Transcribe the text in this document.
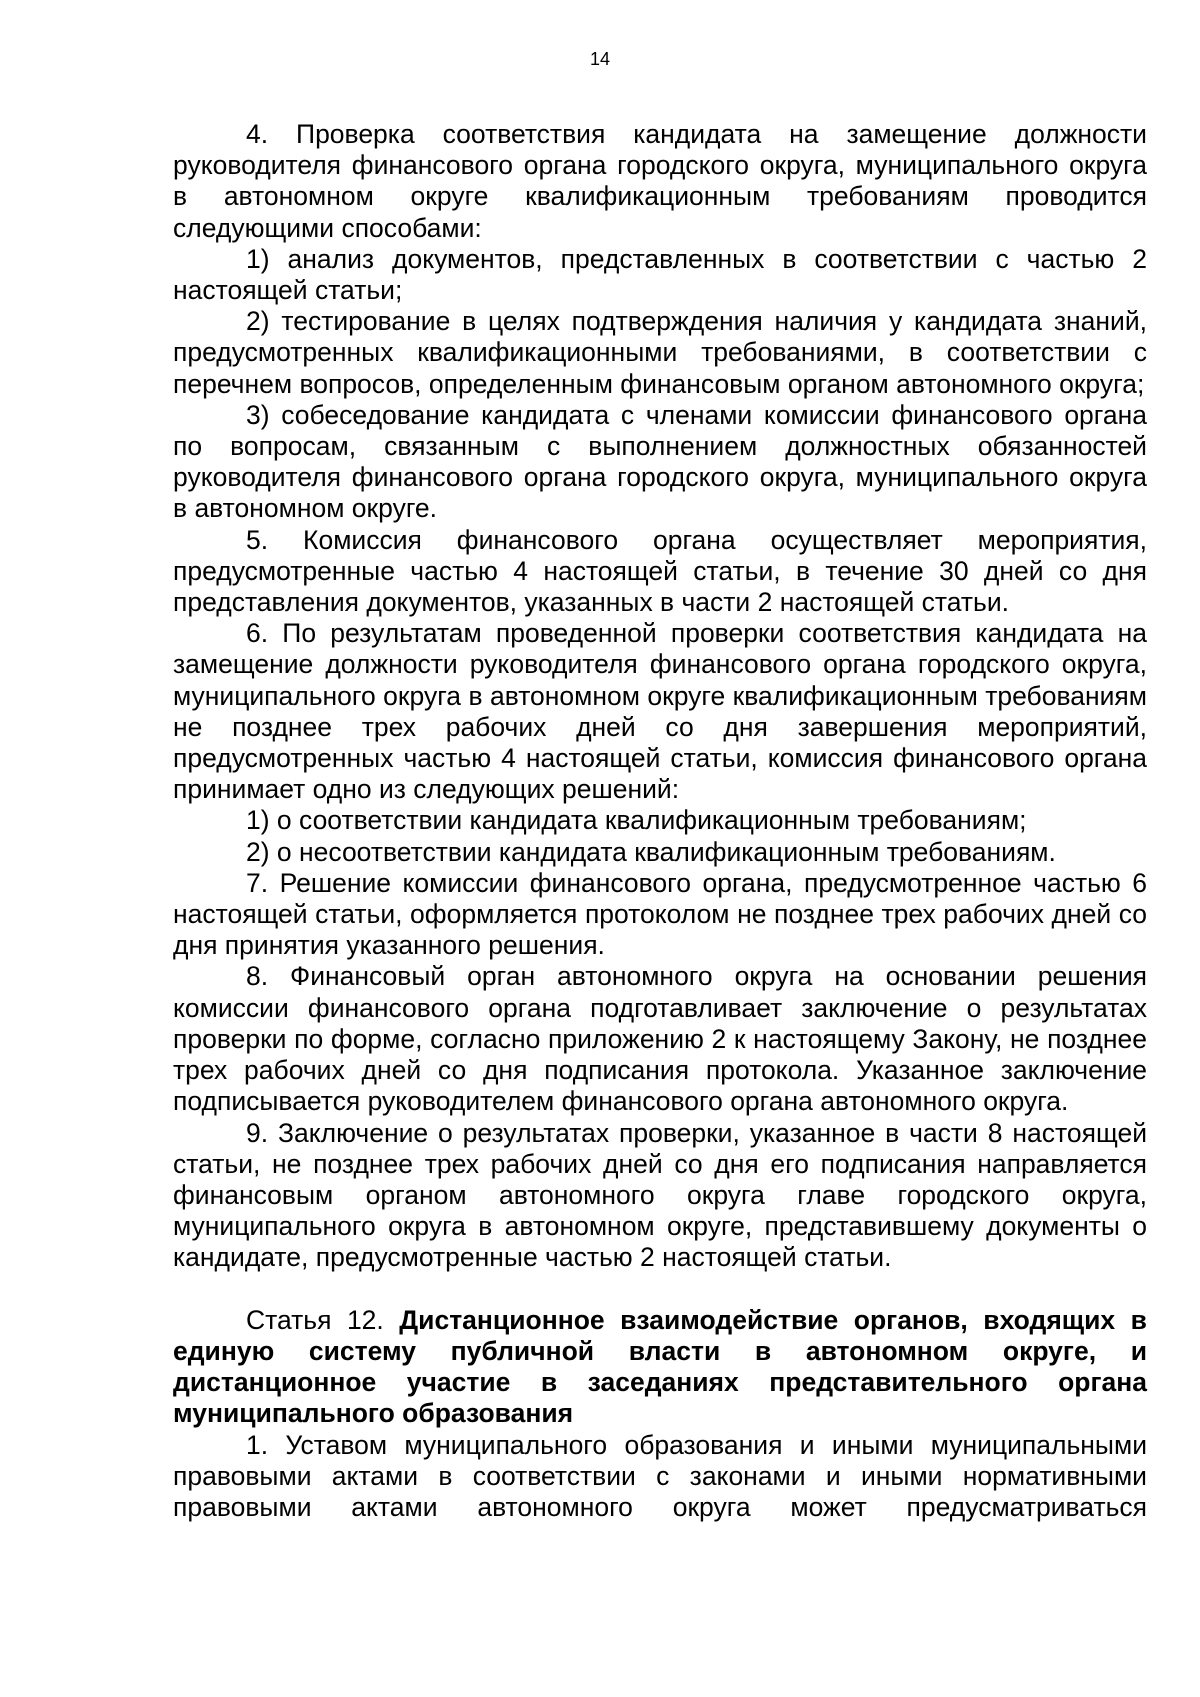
14

4. Проверка соответствия кандидата на замещение должности руководителя финансового органа городского округа, муниципального округа в автономном округе квалификационным требованиям проводится следующими способами:

1) анализ документов, представленных в соответствии с частью 2 настоящей статьи;

2) тестирование в целях подтверждения наличия у кандидата знаний, предусмотренных квалификационными требованиями, в соответствии с перечнем вопросов, определенным финансовым органом автономного округа;

3) собеседование кандидата с членами комиссии финансового органа по вопросам, связанным с выполнением должностных обязанностей руководителя финансового органа городского округа, муниципального округа в автономном округе.

5. Комиссия финансового органа осуществляет мероприятия, предусмотренные частью 4 настоящей статьи, в течение 30 дней со дня представления документов, указанных в части 2 настоящей статьи.

6. По результатам проведенной проверки соответствия кандидата на замещение должности руководителя финансового органа городского округа, муниципального округа в автономном округе квалификационным требованиям не позднее трех рабочих дней со дня завершения мероприятий, предусмотренных частью 4 настоящей статьи, комиссия финансового органа принимает одно из следующих решений:

1) о соответствии кандидата квалификационным требованиям;

2) о несоответствии кандидата квалификационным требованиям.

7. Решение комиссии финансового органа, предусмотренное частью 6 настоящей статьи, оформляется протоколом не позднее трех рабочих дней со дня принятия указанного решения.

8. Финансовый орган автономного округа на основании решения комиссии финансового органа подготавливает заключение о результатах проверки по форме, согласно приложению 2 к настоящему Закону, не позднее трех рабочих дней со дня подписания протокола. Указанное заключение подписывается руководителем финансового органа автономного округа.

9. Заключение о результатах проверки, указанное в части 8 настоящей статьи, не позднее трех рабочих дней со дня его подписания направляется финансовым органом автономного округа главе городского округа, муниципального округа в автономном округе, представившему документы о кандидате, предусмотренные частью 2 настоящей статьи.

Статья 12. Дистанционное взаимодействие органов, входящих в единую систему публичной власти в автономном округе, и дистанционное участие в заседаниях представительного органа муниципального образования

1. Уставом муниципального образования и иными муниципальными правовыми актами в соответствии с законами и иными нормативными правовыми актами автономного округа может предусматриваться
